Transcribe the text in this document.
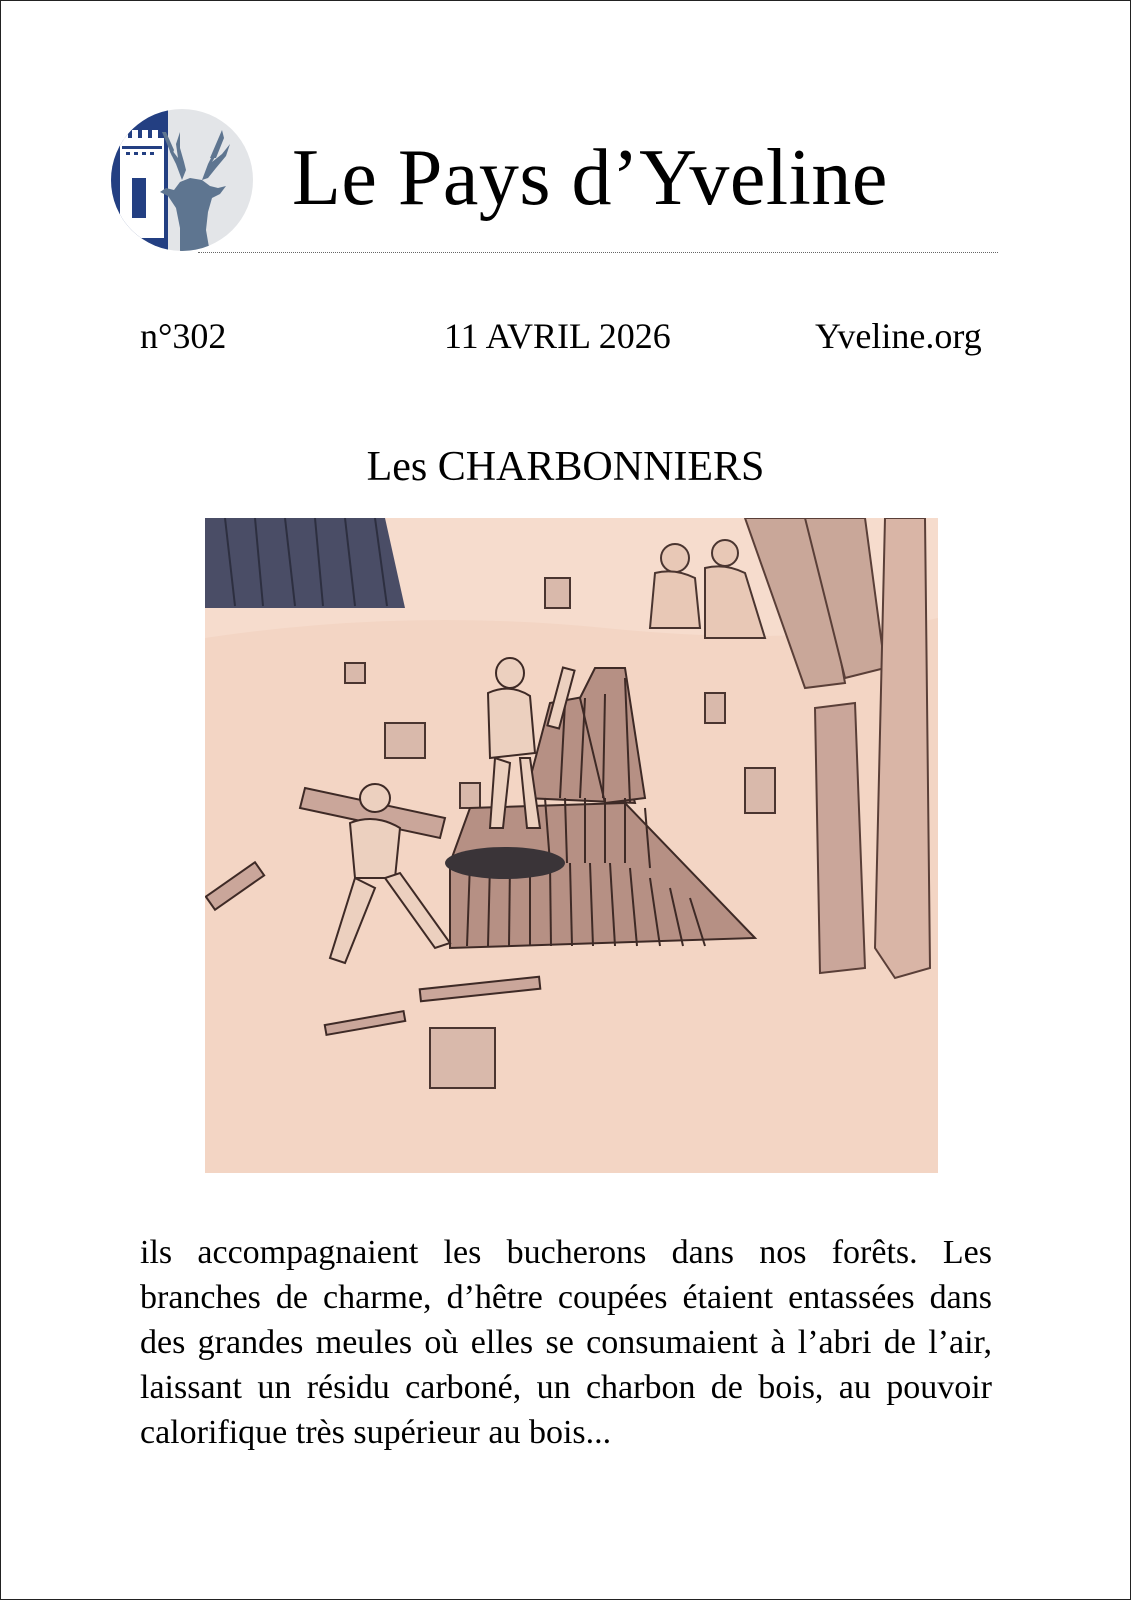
Le Pays d’Yveline
n°302	11 AVRIL 2026	Yveline.org
Les CHARBONNIERS
ils accompagnaient les bucherons dans nos forêts. Les branches de charme, d’hêtre coupées étaient entassées dans des grandes meules où elles se consumaient à l’abri de l’air, laissant un résidu carboné, un charbon de bois, au pouvoir calorifique très supérieur au bois...
